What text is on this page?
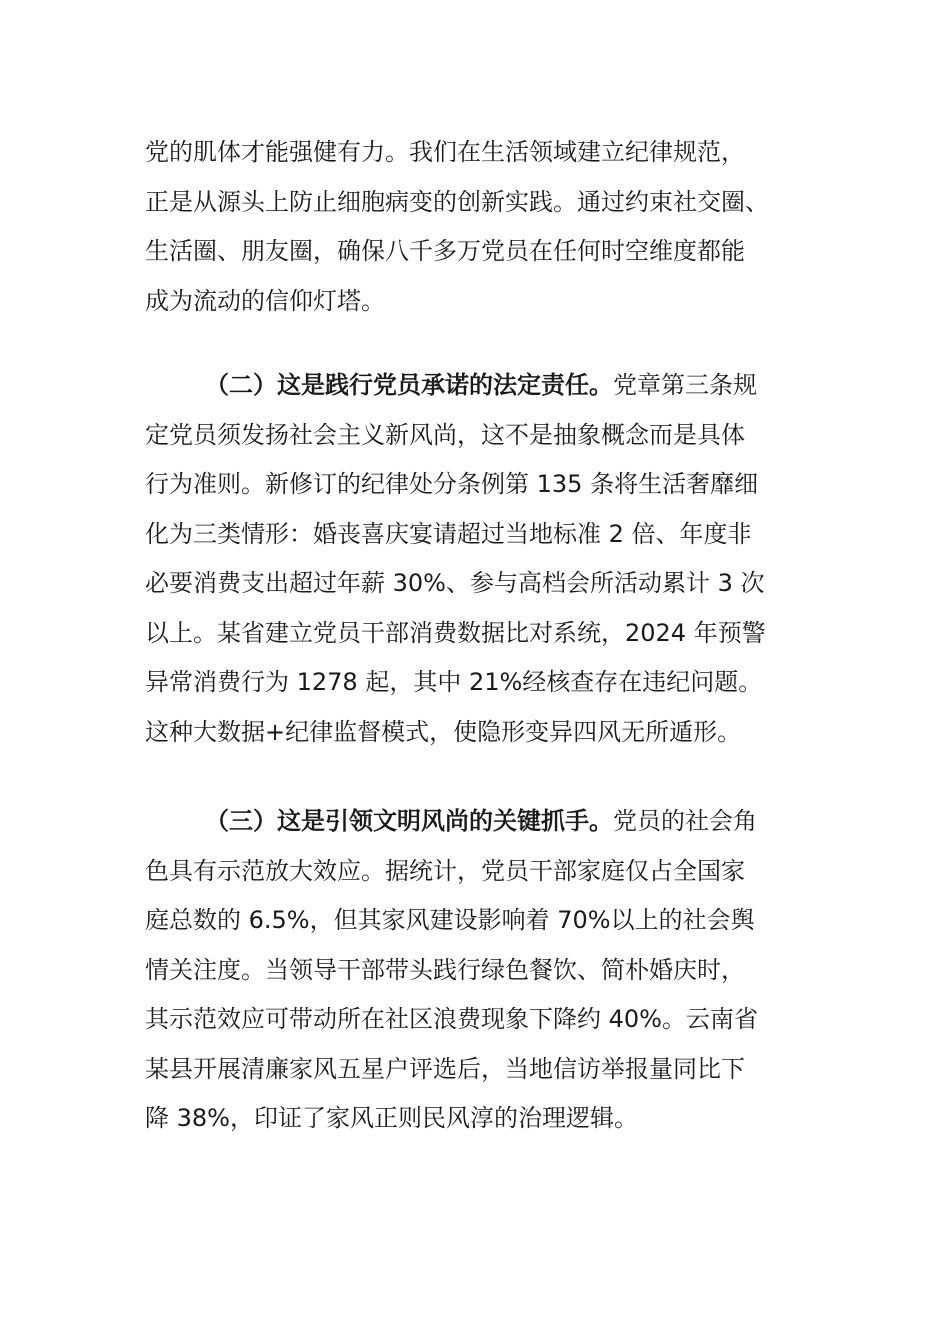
党的肌体才能强健有力。我们在生活领域建立纪律规范，
正是从源头上防止细胞病变的创新实践。通过约束社交圈、
生活圈、朋友圈，确保八千多万党员在任何时空维度都能
成为流动的信仰灯塔。
（二）这是践行党员承诺的法定责任。党章第三条规
定党员须发扬社会主义新风尚，这不是抽象概念而是具体
行为准则。新修订的纪律处分条例第 135 条将生活奢靡细
化为三类情形：婚丧喜庆宴请超过当地标准 2 倍、年度非
必要消费支出超过年薪 30%、参与高档会所活动累计 3 次
以上。某省建立党员干部消费数据比对系统，2024 年预警
异常消费行为 1278 起，其中 21%经核查存在违纪问题。
这种大数据+纪律监督模式，使隐形变异四风无所遁形。
（三）这是引领文明风尚的关键抓手。党员的社会角
色具有示范放大效应。据统计，党员干部家庭仅占全国家
庭总数的 6.5%，但其家风建设影响着 70%以上的社会舆
情关注度。当领导干部带头践行绿色餐饮、简朴婚庆时，
其示范效应可带动所在社区浪费现象下降约 40%。云南省
某县开展清廉家风五星户评选后，当地信访举报量同比下
降 38%，印证了家风正则民风淳的治理逻辑。
